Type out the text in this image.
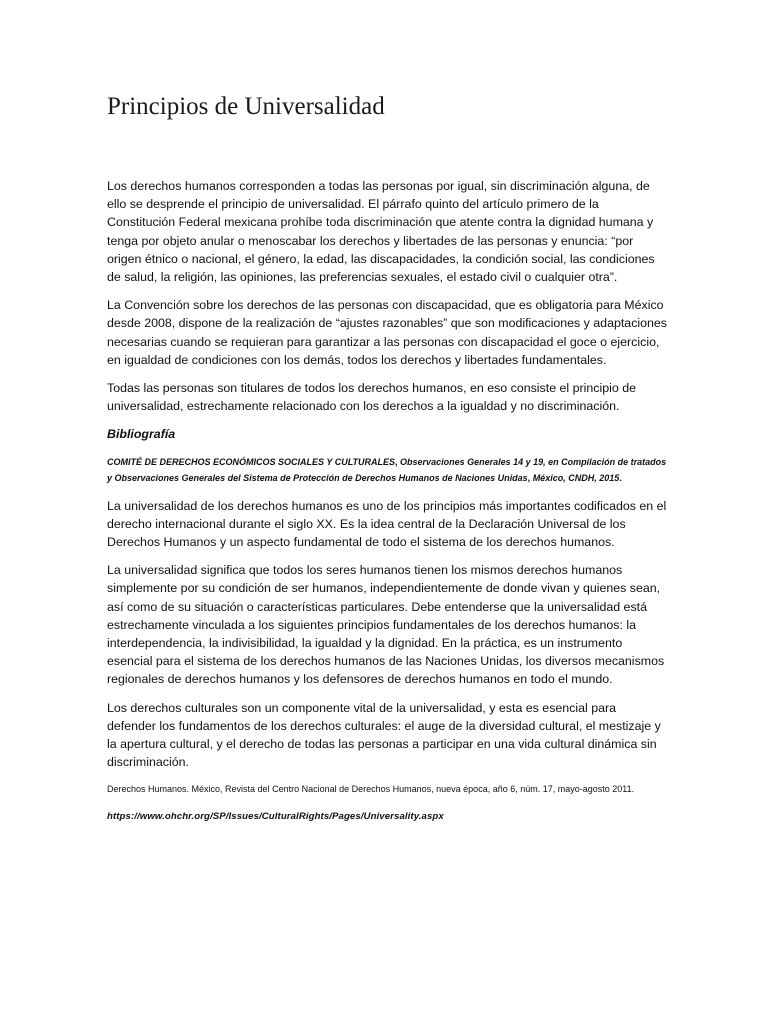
Principios de Universalidad

Los derechos humanos corresponden a todas las personas por igual, sin discriminación alguna, de ello se desprende el principio de universalidad. El párrafo quinto del artículo primero de la Constitución Federal mexicana prohíbe toda discriminación que atente contra la dignidad humana y tenga por objeto anular o menoscabar los derechos y libertades de las personas y enuncia: “por origen étnico o nacional, el género, la edad, las discapacidades, la condición social, las condiciones de salud, la religión, las opiniones, las preferencias sexuales, el estado civil o cualquier otra”.

La Convención sobre los derechos de las personas con discapacidad, que es obligatoria para México desde 2008, dispone de la realización de “ajustes razonables” que son modificaciones y adaptaciones necesarias cuando se requieran para garantizar a las personas con discapacidad el goce o ejercicio, en igualdad de condiciones con los demás, todos los derechos y libertades fundamentales.

Todas las personas son titulares de todos los derechos humanos, en eso consiste el principio de universalidad, estrechamente relacionado con los derechos a la igualdad y no discriminación.

Bibliografía

COMITÉ DE DERECHOS ECONÓMICOS SOCIALES Y CULTURALES, Observaciones Generales 14 y 19, en Compilación de tratados y Observaciones Generales del Sistema de Protección de Derechos Humanos de Naciones Unidas, México, CNDH, 2015.

La universalidad de los derechos humanos es uno de los principios más importantes codificados en el derecho internacional durante el siglo XX. Es la idea central de la Declaración Universal de los Derechos Humanos y un aspecto fundamental de todo el sistema de los derechos humanos.

La universalidad significa que todos los seres humanos tienen los mismos derechos humanos simplemente por su condición de ser humanos, independientemente de donde vivan y quienes sean, así como de su situación o características particulares. Debe entenderse que la universalidad está estrechamente vinculada a los siguientes principios fundamentales de los derechos humanos: la interdependencia, la indivisibilidad, la igualdad y la dignidad. En la práctica, es un instrumento esencial para el sistema de los derechos humanos de las Naciones Unidas, los diversos mecanismos regionales de derechos humanos y los defensores de derechos humanos en todo el mundo.

Los derechos culturales son un componente vital de la universalidad, y esta es esencial para defender los fundamentos de los derechos culturales: el auge de la diversidad cultural, el mestizaje y la apertura cultural, y el derecho de todas las personas a participar en una vida cultural dinámica sin discriminación.

Derechos Humanos. México, Revista del Centro Nacional de Derechos Humanos, nueva época, año 6, núm. 17, mayo-agosto 2011.

https://www.ohchr.org/SP/Issues/CulturalRights/Pages/Universality.aspx
